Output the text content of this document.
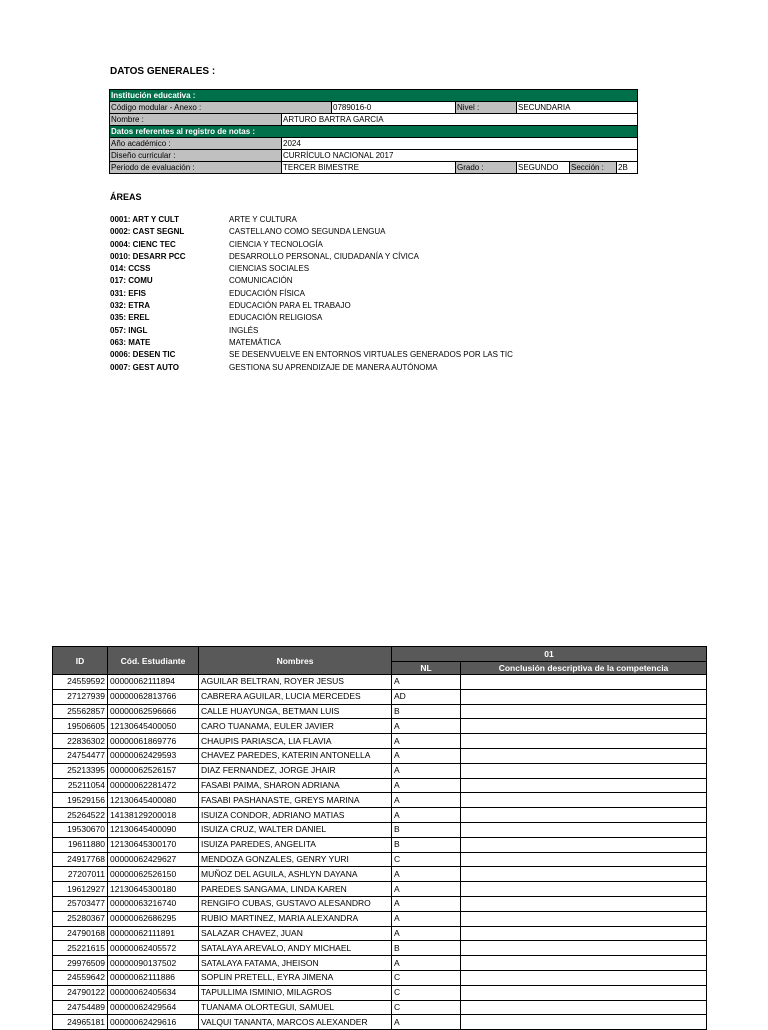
DATOS GENERALES :
Institución educativa :						
Código modular - Anexo :		0789016-0	Nivel :	SECUNDARIA		
Nombre :	ARTURO BARTRA GARCIA					
Datos referentes al registro de notas :						
Año académico :	2024					
Diseño curricular :	CURRÍCULO NACIONAL 2017					
Periodo de evaluación :	TERCER BIMESTRE		Grado :	SEGUNDO	Sección :	2B
ÁREAS
0001: ART Y CULT	ARTE Y CULTURA
0002: CAST SEGNL	CASTELLANO COMO SEGUNDA LENGUA
0004: CIENC TEC	CIENCIA Y TECNOLOGÍA
0010: DESARR PCC	DESARROLLO PERSONAL, CIUDADANÍA Y CÍVICA
014: CCSS	CIENCIAS SOCIALES
017: COMU	COMUNICACIÓN
031: EFIS	EDUCACIÓN FÍSICA
032: ETRA	EDUCACIÓN PARA EL TRABAJO
035: EREL	EDUCACIÓN RELIGIOSA
057: INGL	INGLÉS
063: MATE	MATEMÁTICA
0006: DESEN TIC	SE DESENVUELVE EN ENTORNOS VIRTUALES GENERADOS POR LAS TIC
0007: GEST AUTO	GESTIONA SU APRENDIZAJE DE MANERA AUTÓNOMA
ID	Cód. Estudiante	Nombres	01	
			NL	Conclusión descriptiva de la competencia
24559592	00000062111894	AGUILAR BELTRAN, ROYER JESUS	A	
27127939	00000062813766	CABRERA AGUILAR, LUCIA MERCEDES	AD	
25562857	00000062596666	CALLE HUAYUNGA, BETMAN LUIS	B	
19506605	12130645400050	CARO TUANAMA, EULER JAVIER	A	
22836302	00000061869776	CHAUPIS PARIASCA, LIA FLAVIA	A	
24754477	00000062429593	CHAVEZ PAREDES, KATERIN ANTONELLA	A	
25213395	00000062526157	DIAZ FERNANDEZ, JORGE JHAIR	A	
25211054	00000062281472	FASABI PAIMA, SHARON ADRIANA	A	
19529156	12130645400080	FASABI PASHANASTE, GREYS MARINA	A	
25264522	14138129200018	ISUIZA CONDOR, ADRIANO MATIAS	A	
19530670	12130645400090	ISUIZA CRUZ, WALTER DANIEL	B	
19611880	12130645300170	ISUIZA PAREDES, ANGELITA	B	
24917768	00000062429627	MENDOZA GONZALES, GENRY YURI	C	
27207011	00000062526150	MUÑOZ DEL AGUILA, ASHLYN DAYANA	A	
19612927	12130645300180	PAREDES SANGAMA, LINDA KAREN	A	
25703477	00000063216740	RENGIFO CUBAS, GUSTAVO ALESANDRO	A	
25280367	00000062686295	RUBIO MARTINEZ, MARIA ALEXANDRA	A	
24790168	00000062111891	SALAZAR CHAVEZ, JUAN	A	
25221615	00000062405572	SATALAYA AREVALO, ANDY MICHAEL	B	
29976509	00000090137502	SATALAYA FATAMA, JHEISON	A	
24559642	00000062111886	SOPLIN PRETELL, EYRA JIMENA	C	
24790122	00000062405634	TAPULLIMA ISMINIO, MILAGROS	C	
24754489	00000062429564	TUANAMA OLORTEGUI, SAMUEL	C	
24965181	00000062429616	VALQUI TANANTA, MARCOS ALEXANDER	A	
